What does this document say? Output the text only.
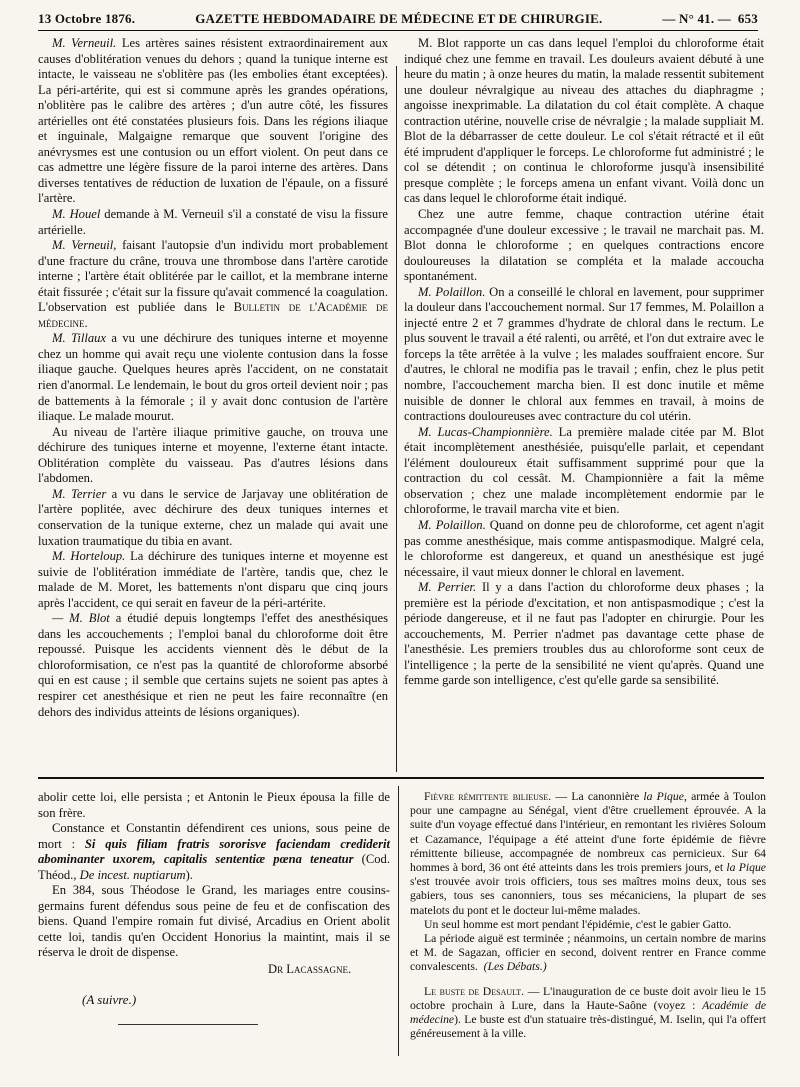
13 Octobre 1876.	GAZETTE HEBDOMADAIRE DE MÉDECINE ET DE CHIRURGIE.	— N° 41. — 653

M. Verneuil. Les artères saines résistent extraordinairement aux causes d'oblitération venues du dehors ; quand la tunique interne est intacte, le vaisseau ne s'oblitère pas (les embolies étant exceptées). La péri-artérite, qui est si commune après les grandes opérations, n'oblitère pas le calibre des artères ; d'un autre côté, les fissures artérielles ont été constatées plusieurs fois. Dans les régions iliaque et inguinale, Malgaigne remarque que souvent l'origine des anévrysmes est une contusion ou un effort violent. On peut dans ce cas admettre une légère fissure de la paroi interne des artères. Dans diverses tentatives de réduction de luxation de l'épaule, on a fissuré l'artère.

M. Houel demande à M. Verneuil s'il a constaté de visu la fissure artérielle.

M. Verneuil, faisant l'autopsie d'un individu mort probablement d'une fracture du crâne, trouva une thrombose dans l'artère carotide interne ; l'artère était oblitérée par le caillot, et la membrane interne était fissurée ; c'était sur la fissure qu'avait commencé la coagulation. L'observation est publiée dans le Bulletin de l'Académie de médecine.

M. Tillaux a vu une déchirure des tuniques interne et moyenne chez un homme qui avait reçu une violente contusion dans la fosse iliaque gauche. Quelques heures après l'accident, on ne constatait rien d'anormal. Le lendemain, le bout du gros orteil devient noir ; pas de battements à la fémorale ; il y avait donc contusion de l'artère iliaque. Le malade mourut.

Au niveau de l'artère iliaque primitive gauche, on trouva une déchirure des tuniques interne et moyenne, l'externe étant intacte. Oblitération complète du vaisseau. Pas d'autres lésions dans l'abdomen.

M. Terrier a vu dans le service de Jarjavay une oblitération de l'artère poplitée, avec déchirure des deux tuniques internes et conservation de la tunique externe, chez un malade qui avait une luxation traumatique du tibia en avant.

M. Horteloup. La déchirure des tuniques interne et moyenne est suivie de l'oblitération immédiate de l'artère, tandis que, chez le malade de M. Moret, les battements n'ont disparu que cinq jours après l'accident, ce qui serait en faveur de la péri-artérite.

— M. Blot a étudié depuis longtemps l'effet des anesthésiques dans les accouchements ; l'emploi banal du chloroforme doit être repoussé. Puisque les accidents viennent dès le début de la chloroformisation, ce n'est pas la quantité de chloroforme absorbé qui en est cause ; il semble que certains sujets ne soient pas aptes à respirer cet anesthésique et rien ne peut les faire reconnaître (en dehors des individus atteints de lésions organiques).

M. Blot rapporte un cas dans lequel l'emploi du chloroforme était indiqué chez une femme en travail. Les douleurs avaient débuté à une heure du matin ; à onze heures du matin, la malade ressentit subitement une douleur névralgique au niveau des attaches du diaphragme ; angoisse inexprimable. La dilatation du col était complète. A chaque contraction utérine, nouvelle crise de névralgie ; la malade suppliait M. Blot de la débarrasser de cette douleur. Le col s'était rétracté et il eût été imprudent d'appliquer le forceps. Le chloroforme fut administré ; le col se détendit ; on continua le chloroforme jusqu'à insensibilité presque complète ; le forceps amena un enfant vivant. Voilà donc un cas dans lequel le chloroforme était indiqué.

Chez une autre femme, chaque contraction utérine était accompagnée d'une douleur excessive ; le travail ne marchait pas. M. Blot donna le chloroforme ; en quelques contractions encore douloureuses la dilatation se compléta et la malade accoucha spontanément.

M. Polaillon. On a conseillé le chloral en lavement, pour supprimer la douleur dans l'accouchement normal. Sur 17 femmes, M. Polaillon a injecté entre 2 et 7 grammes d'hydrate de chloral dans le rectum. Le plus souvent le travail a été ralenti, ou arrêté, et l'on dut extraire avec le forceps la tête arrêtée à la vulve ; les malades souffraient encore. Sur d'autres, le chloral ne modifia pas le travail ; enfin, chez le plus petit nombre, l'accouchement marcha bien. Il est donc inutile et même nuisible de donner le chloral aux femmes en travail, à moins de contractions douloureuses avec contracture du col utérin.

M. Lucas-Championnière. La première malade citée par M. Blot était incomplètement anesthésiée, puisqu'elle parlait, et cependant l'élément douloureux était suffisamment supprimé pour que la contraction du col cessât. M. Championnière a fait la même observation ; chez une malade incomplètement endormie par le chloroforme, le travail marcha vite et bien.

M. Polaillon. Quand on donne peu de chloroforme, cet agent n'agit pas comme anesthésique, mais comme antispasmodique. Malgré cela, le chloroforme est dangereux, et quand un anesthésique est jugé nécessaire, il vaut mieux donner le chloral en lavement.

M. Perrier. Il y a dans l'action du chloroforme deux phases ; la première est la période d'excitation, et non antispasmodique ; c'est la période dangereuse, et il ne faut pas l'adopter en chirurgie. Pour les accouchements, M. Perrier n'admet pas davantage cette phase de l'anesthésie. Les premiers troubles dus au chloroforme sont ceux de l'intelligence ; la perte de la sensibilité ne vient qu'après. Quand une femme garde son intelligence, c'est qu'elle garde sa sensibilité.

abolir cette loi, elle persista ; et Antonin le Pieux épousa la fille de son frère.

Constance et Constantin défendirent ces unions, sous peine de mort : Si quis filiam fratris sororisve faciendam crediderit abominanter uxorem, capitalis sententiæ pœna teneatur (Cod. Théod., De incest. nuptiarum).

En 384, sous Théodose le Grand, les mariages entre cousins-germains furent défendus sous peine de feu et de confiscation des biens. Quand l'empire romain fut divisé, Arcadius en Orient abolit cette loi, tandis qu'en Occident Honorius la maintint, mais il se réserva le droit de dispense.

Dr Lacassagne.
(A suivre.)

Fièvre rémittente bilieuse. — La canonnière la Pique, armée à Toulon pour une campagne au Sénégal, vient d'être cruellement éprouvée. A la suite d'un voyage effectué dans l'intérieur, en remontant les rivières Soloum et Cazamance, l'équipage a été atteint d'une forte épidémie de fièvre rémittente bilieuse, accompagnée de nombreux cas pernicieux. Sur 64 hommes à bord, 36 ont été atteints dans les trois premiers jours, et la Pique s'est trouvée avoir trois officiers, tous ses maîtres moins deux, tous ses gabiers, tous ses canonniers, tous ses mécaniciens, la plupart de ses matelots du pont et le docteur lui-même malades.

Un seul homme est mort pendant l'épidémie, c'est le gabier Gatto.

La période aiguë est terminée ; néanmoins, un certain nombre de marins et M. de Sagazan, officier en second, doivent rentrer en France comme convalescents. (Les Débats.)

Le buste de Desault. — L'inauguration de ce buste doit avoir lieu le 15 octobre prochain à Lure, dans la Haute-Saône (voyez : Académie de médecine). Le buste est d'un statuaire très-distingué, M. Iselin, qui l'a offert généreusement à la ville.
